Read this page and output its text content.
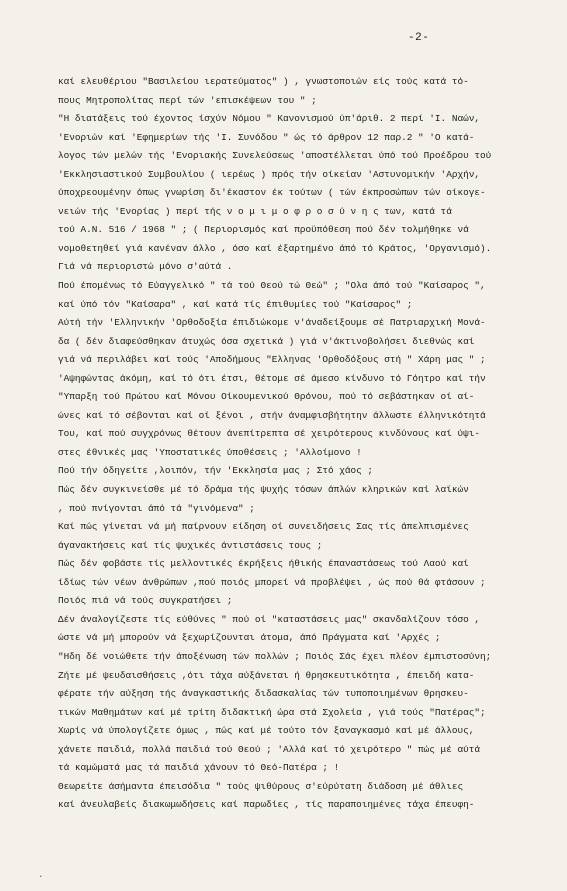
-2-
καί ελευθέριου "Βασιλείου ιερατεύματος" ) , γνωστοποιών είς τούς κατά τό-
πους Μητροπολίτας περί τών 'επισκέψεων του " ;
"Η διατάξεις τού έχοντος ίσχύν Νόμου " Κανονισμού ύπ'άριθ. 2 περί 'Ι. Ναών,
'Ενοριών καί 'Εφημερίων τής 'Ι. Συνόδου " ώς τό άρθρον 12 παρ.2 " 'Ο κατά-
λογος τών μελών τής 'Ενοριακής Συνελεύσεως 'αποστέλλεται ύπό τού Προέδρου τού
'Εκκλησιαστικού Συμβουλίου ( ιερέως ) πρός τήν οίκείαν 'Αστυνομικήν 'Αρχήν,
ύποχρεουμένην όπως γνωρίση δι'έκαστον έκ τούτων ( τών έκπροσώπων τών οίκογε-
νειών τής 'Ενορίας ) περί τής ν ο μ ι μ ο φ ρ ο σ ύ ν η ς των, κατά τά
τού Α.Ν. 516 / 1968 " ; ( Περιορισμός καί προϋπόθεση πού δέν τολμήθηκε νά
νομοθετηθεί γιά κανέναν άλλο , όσο καί έξαρτημένο άπό τό Κράτος, 'Οργανισμό).
Γιά νά περιοριστώ μόνο σ'αύτά .
Πού έπομένως τό Εύαγγελικό " τά τού Θεού τώ Θεώ" ; "Ολα άπό τού "Καίσαρος ",
καί ύπό τόν "Καίσαρα" , καί κατά τίς έπιθυμίες τού "Καίσαρος" ;
Αύτή τήν 'Ελληνικήν 'Ορθοδοξία έπιδιώκομε ν'άναδείξουμε σέ Πατριαρχική Μονά-
δα ( δέν διαφεύσθηκαν άτυχώς όσα σχετικά ) γιά ν'άκτινοβολήσει διεθνώς καί
γιά νά περιλάβει καί τούς 'Αποδήμους "Ελληνας 'Ορθοδόξους στή " Χάρη μας " ;
'Αψηφώντας άκόμη, καί τό ότι έτσι, θέτομε σέ άμεσο κίνδυνο τό Γόητρο καί τήν
"Υπαρξη τού Πρώτου καί Μόνου Οίκουμενικού Θρόνου, πού τό σεβάστηκαν οί αί-
ώνες καί τό σέβονται καί οί ξένοι , στήν άναμφισβήτητην άλλωστε έλληνικότητά
Του, καί πού συγχρόνως θέτουν άνεπίτρεπτα σέ χειρότερους κινδύνους καί ύψι-
στες έθνικές μας 'Υποστατικές ύποθέσεις ; 'Αλλοίμονο !
Πού τήν όδηγείτε ,λοιπόν, τήν 'Εκκλησία μας ; Στό χάος ;
Πώς δέν συγκινείσθε μέ τό δράμα τής ψυχής τόσων άπλών κληρικών καί λαϊκών
, πού πνίγονται άπό τά "γινόμενα" ;
Καί πώς γίνεται νά μή παίρνουν είδηση οί συνειδήσεις Σας τίς άπελπισμένες
άγανακτήσεις καί τίς ψυχικές άντιστάσεις τους ;
Πώς δέν φοβάστε τίς μελλοντικές έκρήξεις ήθικής έπαναστάσεως τού Λαού καί
ίδίως τών νέων άνθρώπων ,πού ποιός μπορεί νά προβλέψει , ώς πού θά φτάσουν ;
Ποιός πιά νά τούς συγκρατήσει ;
Δέν άναλογίζεστε τίς εύθύνες " πού οί "καταστάσεις μας" σκανδαλίζουν τόσο ,
ώστε νά μή μπορούν νά ξεχωρίζουνται άτομα, άπό Πράγματα καί 'Αρχές ;
"Ηδη δέ νοιώθετε τήν άποξένωση τών πολλών ; Ποιός Σάς έχει πλέον έμπιστοσύνη;
Ζήτε μέ ψευδαισθήσεις ,ότι τάχα αύξάνεται ή θρησκευτικότητα , έπειδή κατα-
φέρατε τήν αύξηση τής άναγκαστικής διδασκαλίας τών τυποποιημένων θρησκευ-
τικών Μαθημάτων καί μέ τρίτη διδακτική ώρα στά Σχολεία , γιά τούς "Πατέρας";
Χωρίς νά ύπολογίζετε όμως , πώς καί μέ τούτο τόν ξαναγκασμό καί μέ άλλους,
χάνετε παιδιά, πολλά παιδιά τού Θεού ; 'Αλλά καί τό χειρότερο " πώς μέ αύτά
τά καμώματά μας τά παιδιά χάνουν τό Θεό-Πατέρα ; !
Θεωρείτε άσήμαντα έπεισόδια " τούς ψιθύρους σ'εύρύτατη διάδοση μέ άθλιες
καί άνευλαβείς διακωμωδήσεις καί παρωδίες , τίς παραποιημένες τάχα έπευφη-
·
